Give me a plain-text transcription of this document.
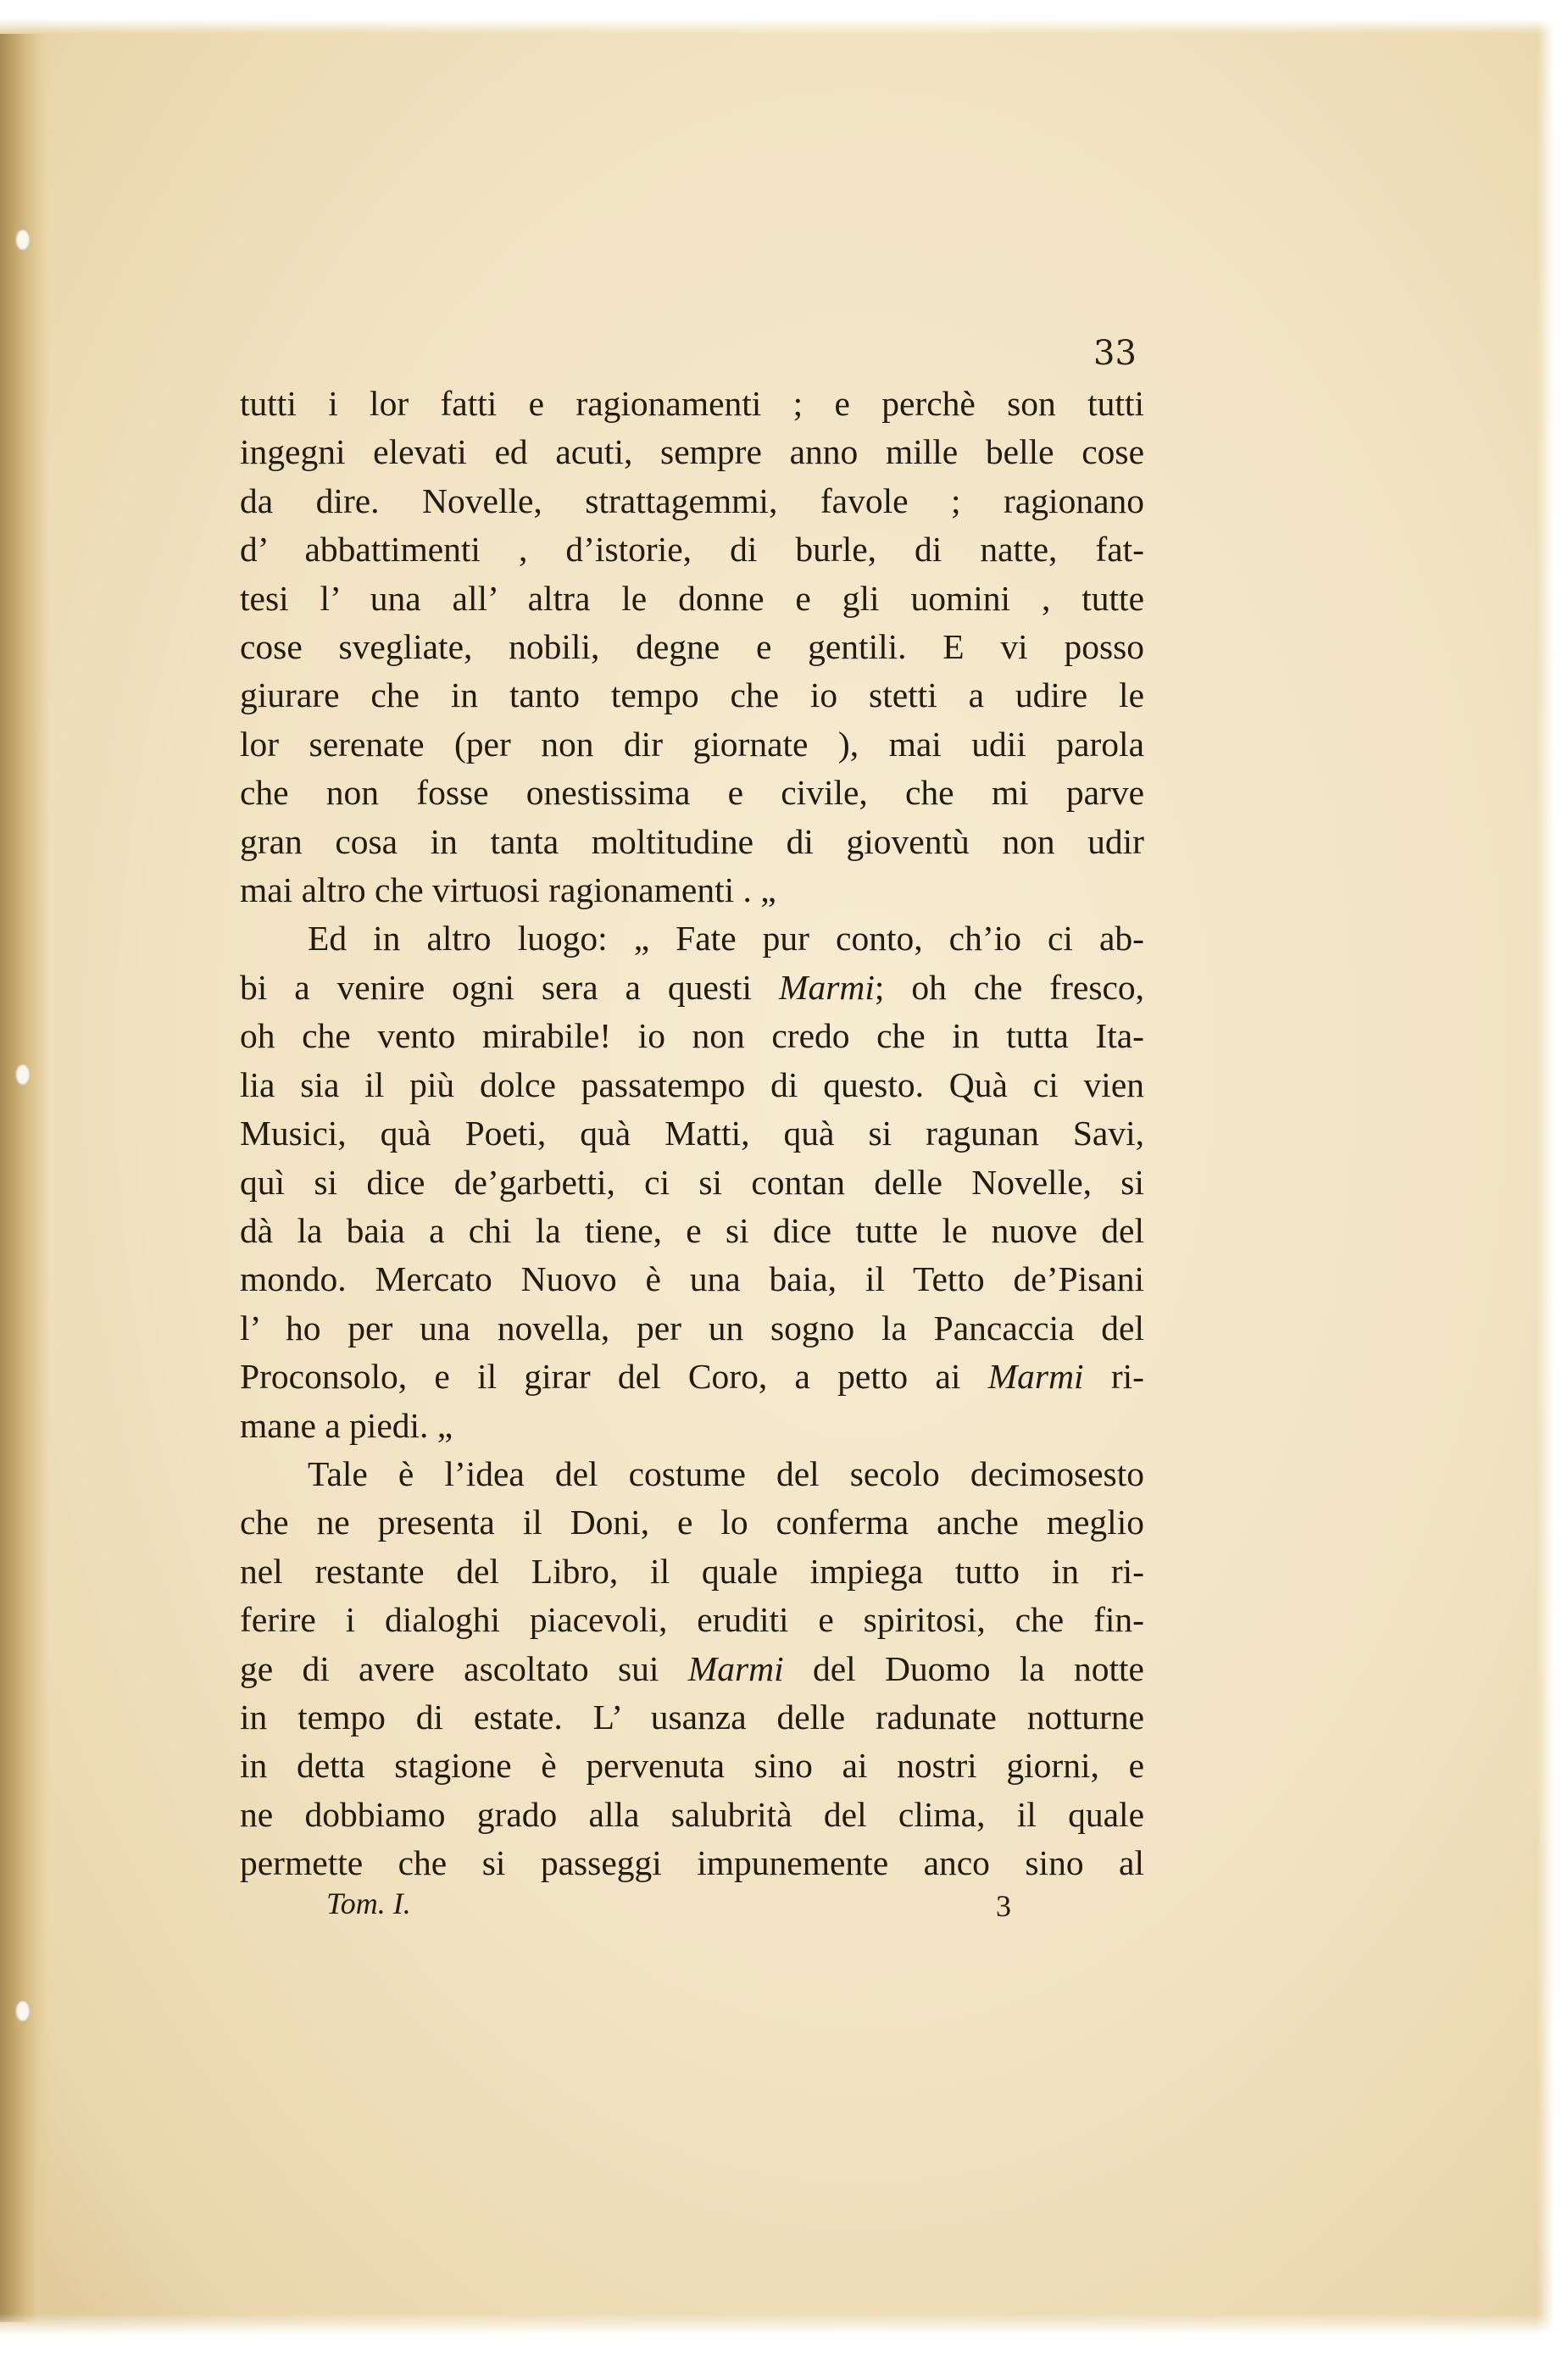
33
tutti i lor fatti e ragionamenti ; e perchè son tutti
ingegni elevati ed acuti, sempre anno mille belle cose
da dire. Novelle, strattagemmi, favole ; ragionano
d’ abbattimenti , d’istorie, di burle, di natte, fat-
tesi l’ una all’ altra le donne e gli uomini , tutte
cose svegliate, nobili, degne e gentili. E vi posso
giurare che in tanto tempo che io stetti a udire le
lor serenate (per non dir giornate ), mai udii parola
che non fosse onestissima e civile, che mi parve
gran cosa in tanta moltitudine di gioventù non udir
mai altro che virtuosi ragionamenti . „
Ed in altro luogo: „ Fate pur conto, ch’io ci ab-
bi a venire ogni sera a questi Marmi; oh che fresco,
oh che vento mirabile! io non credo che in tutta Ita-
lia sia il più dolce passatempo di questo. Quà ci vien
Musici, quà Poeti, quà Matti, quà si ragunan Savi,
quì si dice de’garbetti, ci si contan delle Novelle, si
dà la baia a chi la tiene, e si dice tutte le nuove del
mondo. Mercato Nuovo è una baia, il Tetto de’Pisani
l’ ho per una novella, per un sogno la Pancaccia del
Proconsolo, e il girar del Coro, a petto ai Marmi ri-
mane a piedi. „
Tale è l’idea del costume del secolo decimosesto
che ne presenta il Doni, e lo conferma anche meglio
nel restante del Libro, il quale impiega tutto in ri-
ferire i dialoghi piacevoli, eruditi e spiritosi, che fin-
ge di avere ascoltato sui Marmi del Duomo la notte
in tempo di estate. L’ usanza delle radunate notturne
in detta stagione è pervenuta sino ai nostri giorni, e
ne dobbiamo grado alla salubrità del clima, il quale
permette che si passeggi impunemente anco sino al
Tom. I.	3
